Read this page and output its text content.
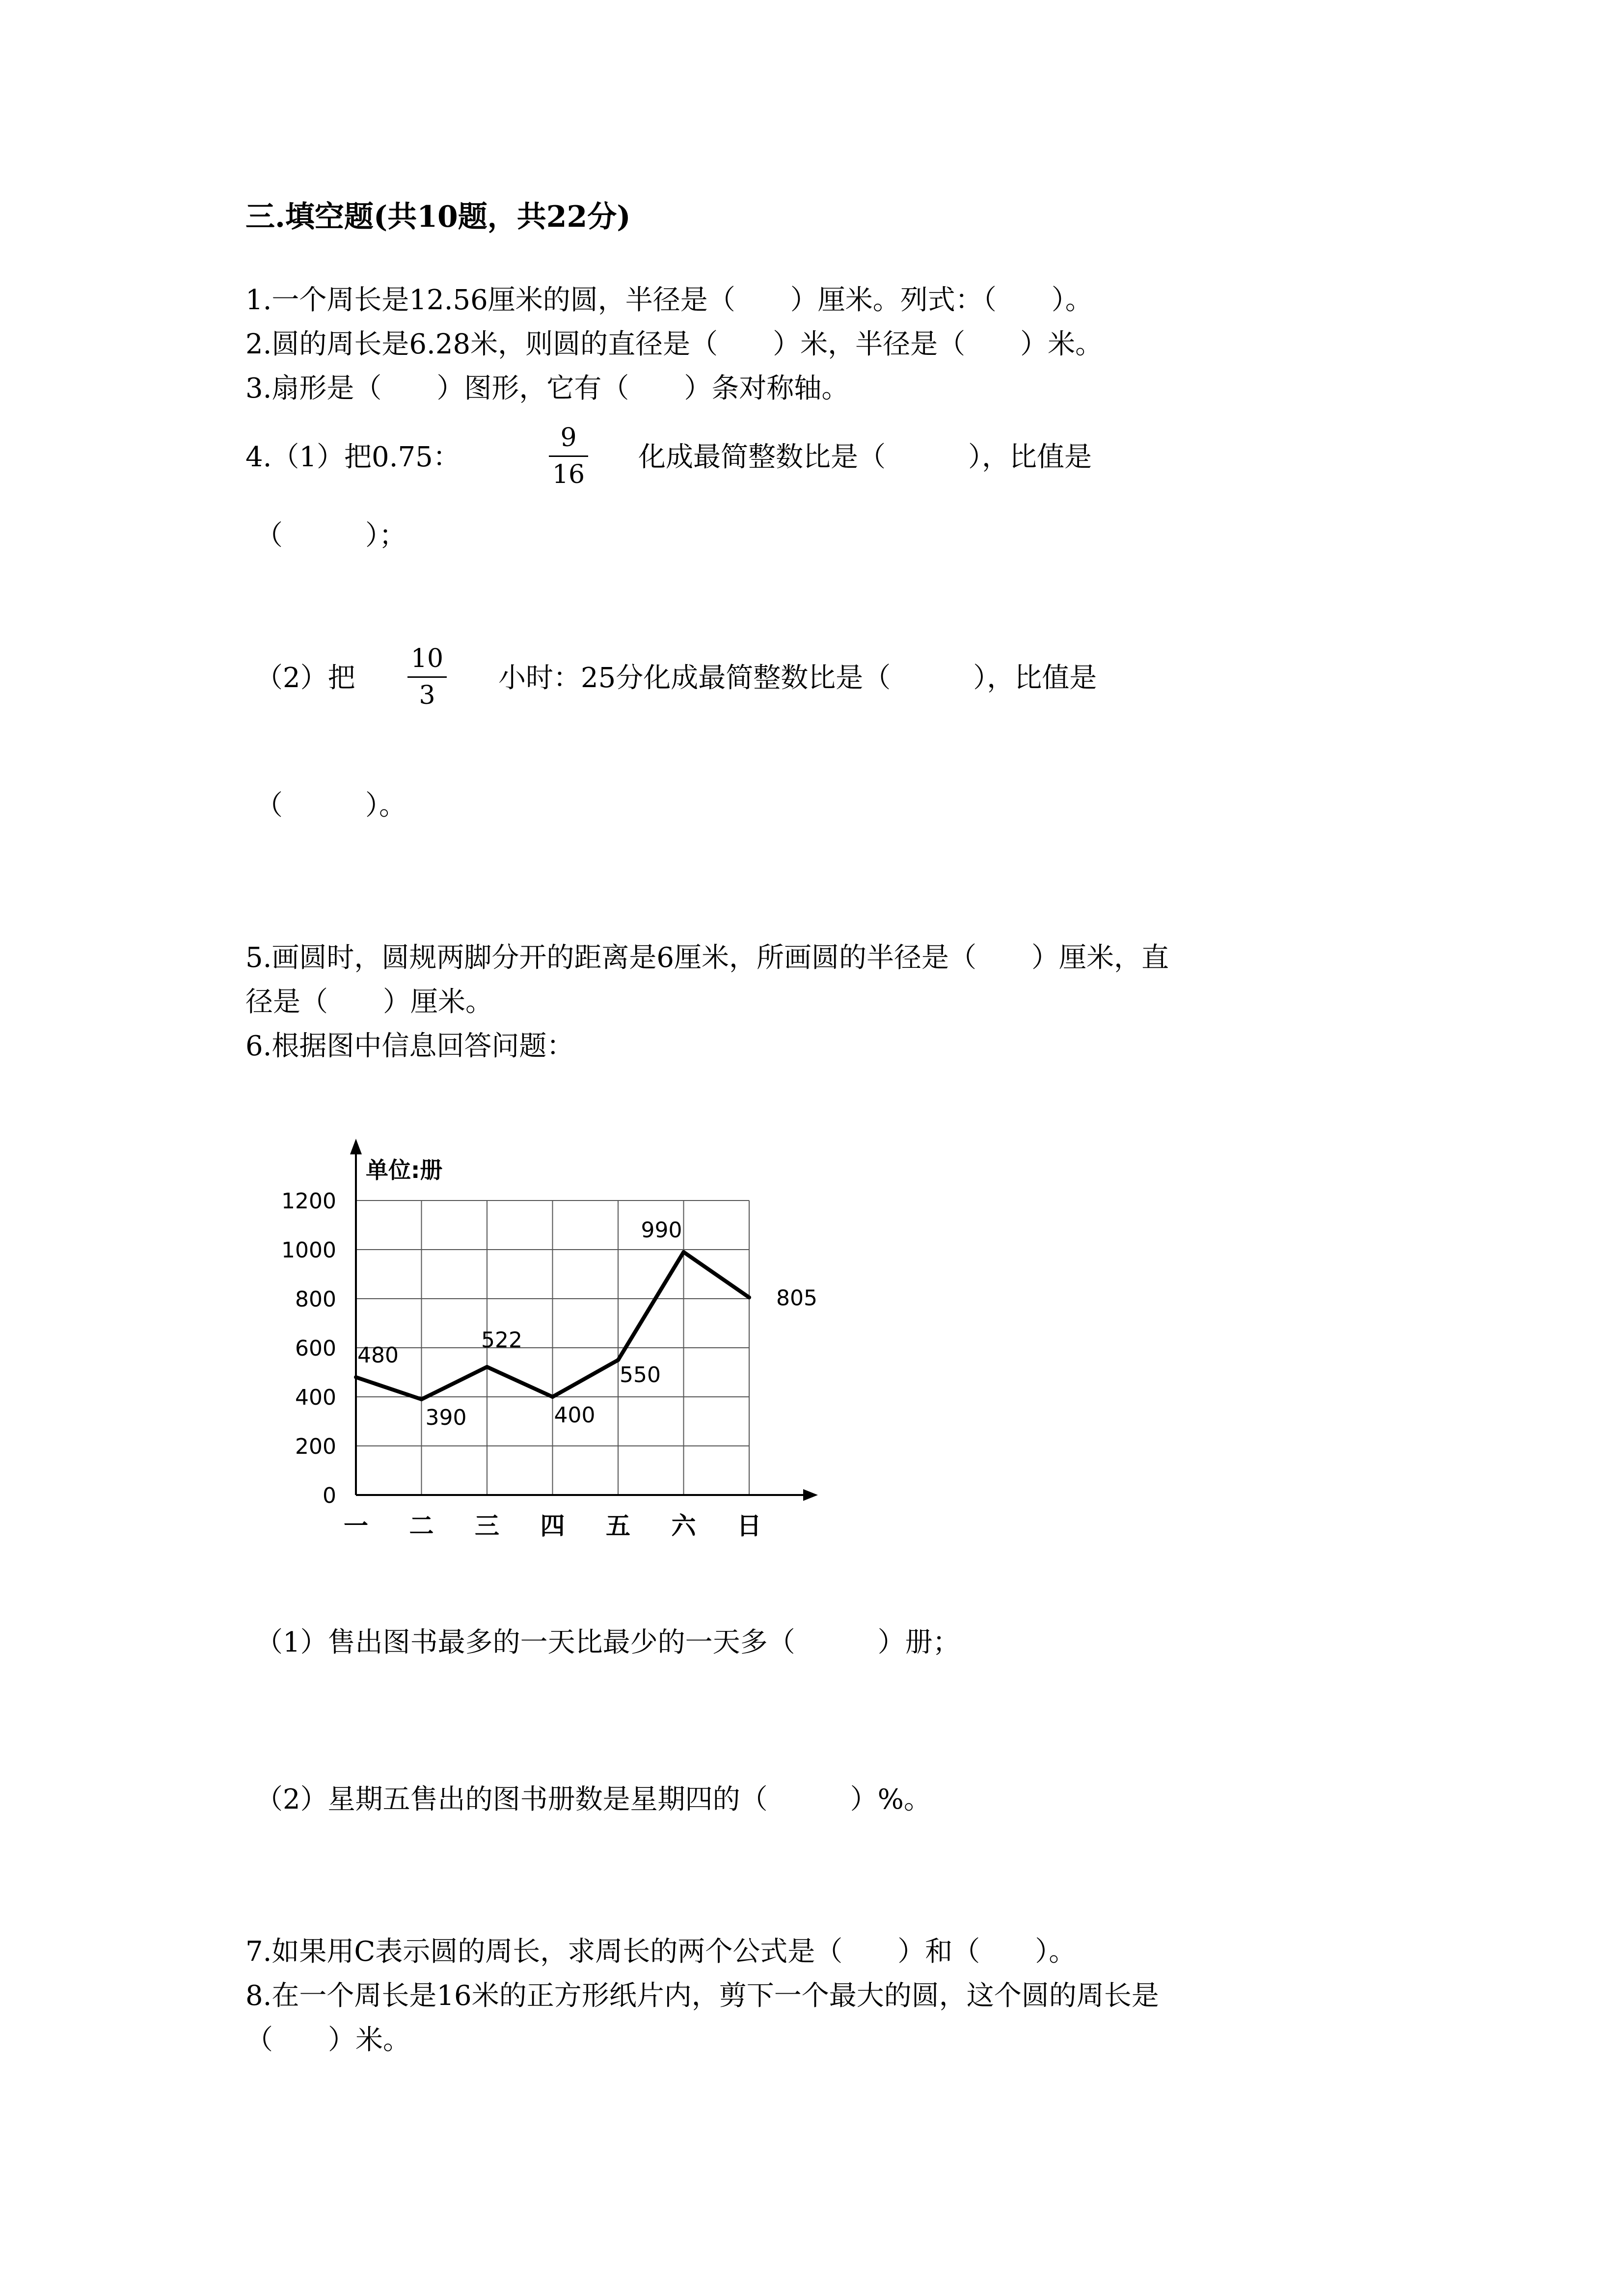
三.填空题(共10题，共22分)
1.一个周长是12.56厘米的圆，半径是（　　）厘米。列式：（　　）。
2.圆的周长是6.28米，则圆的直径是（　　）米，半径是（　　）米。
3.扇形是（　　）图形，它有（　　）条对称轴。
4.（1）把0.75：
9
16
化成最简整数比是（　　　），比值是
（　　　）；
（2）把
10
3
小时：25分化成最简整数比是（　　　），比值是
（　　　）。
5.画圆时，圆规两脚分开的距离是6厘米，所画圆的半径是（　　）厘米，直
径是（　　）厘米。
6.根据图中信息回答问题：
单位:册
0
200
400
600
800
1000
1200
一 二 三 四 五 六 日
480
390
522
400
550
990
805
（1）售出图书最多的一天比最少的一天多（　　　）册；
（2）星期五售出的图书册数是星期四的（　　　）%。
7.如果用C表示圆的周长，求周长的两个公式是（　　）和（　　）。
8.在一个周长是16米的正方形纸片内，剪下一个最大的圆，这个圆的周长是
（　　）米。
